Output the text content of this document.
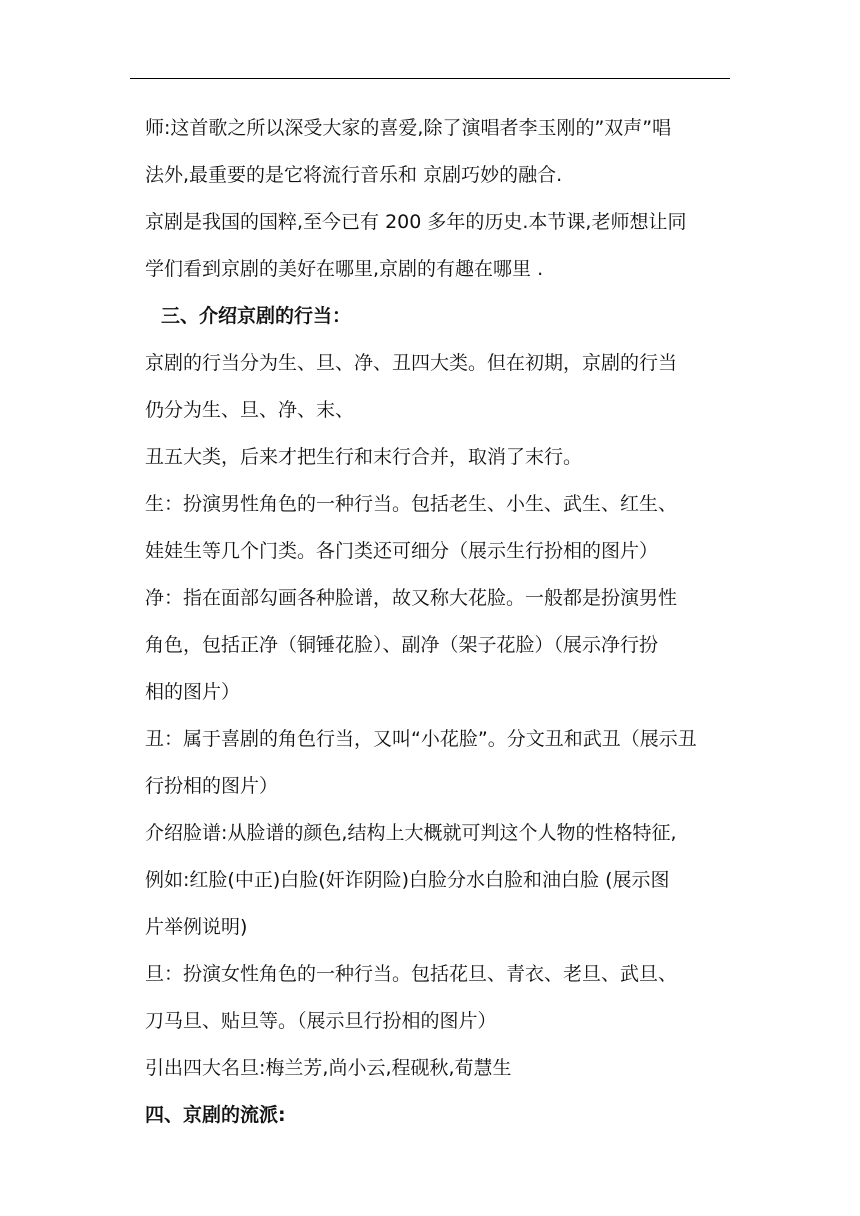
师:这首歌之所以深受大家的喜爱,除了演唱者李玉刚的”双声”唱
法外,最重要的是它将流行音乐和 京剧巧妙的融合.
京剧是我国的国粹,至今已有 200 多年的历史.本节课,老师想让同
学们看到京剧的美好在哪里,京剧的有趣在哪里 .
三、介绍京剧的行当：
京剧的行当分为生、旦、净、丑四大类。但在初期，京剧的行当
仍分为生、旦、净、末、
丑五大类，后来才把生行和末行合并，取消了末行。
生：扮演男性角色的一种行当。包括老生、小生、武生、红生、
娃娃生等几个门类。各门类还可细分（展示生行扮相的图片）
净：指在面部勾画各种脸谱，故又称大花脸。一般都是扮演男性
角色，包括正净（铜锤花脸）、副净（架子花脸）（展示净行扮
相的图片）
丑：属于喜剧的角色行当，又叫“小花脸”。分文丑和武丑（展示丑
行扮相的图片）
介绍脸谱:从脸谱的颜色,结构上大概就可判这个人物的性格特征,
例如:红脸(中正)白脸(奸诈阴险)白脸分水白脸和油白脸 (展示图
片举例说明)
旦：扮演女性角色的一种行当。包括花旦、青衣、老旦、武旦、
刀马旦、贴旦等。（展示旦行扮相的图片）
引出四大名旦:梅兰芳,尚小云,程砚秋,荀慧生
四、京剧的流派:
